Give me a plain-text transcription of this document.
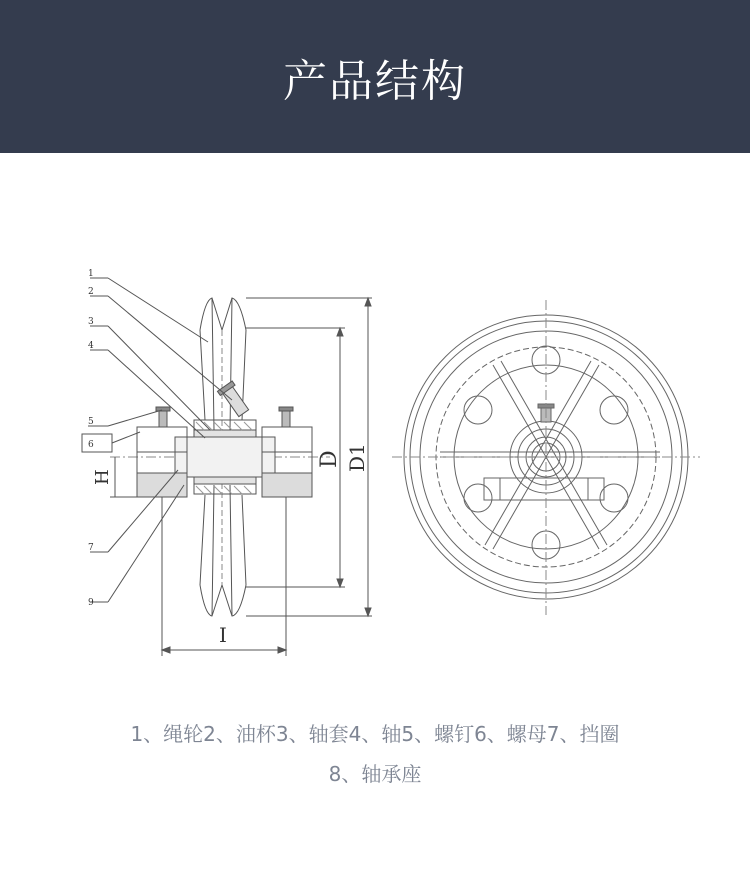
产品结构
1
2
3
4
5
6
7
9
H
D D1
I
1、绳轮2、油杯3、轴套4、轴5、螺钉6、螺母7、挡圈
8、轴承座
